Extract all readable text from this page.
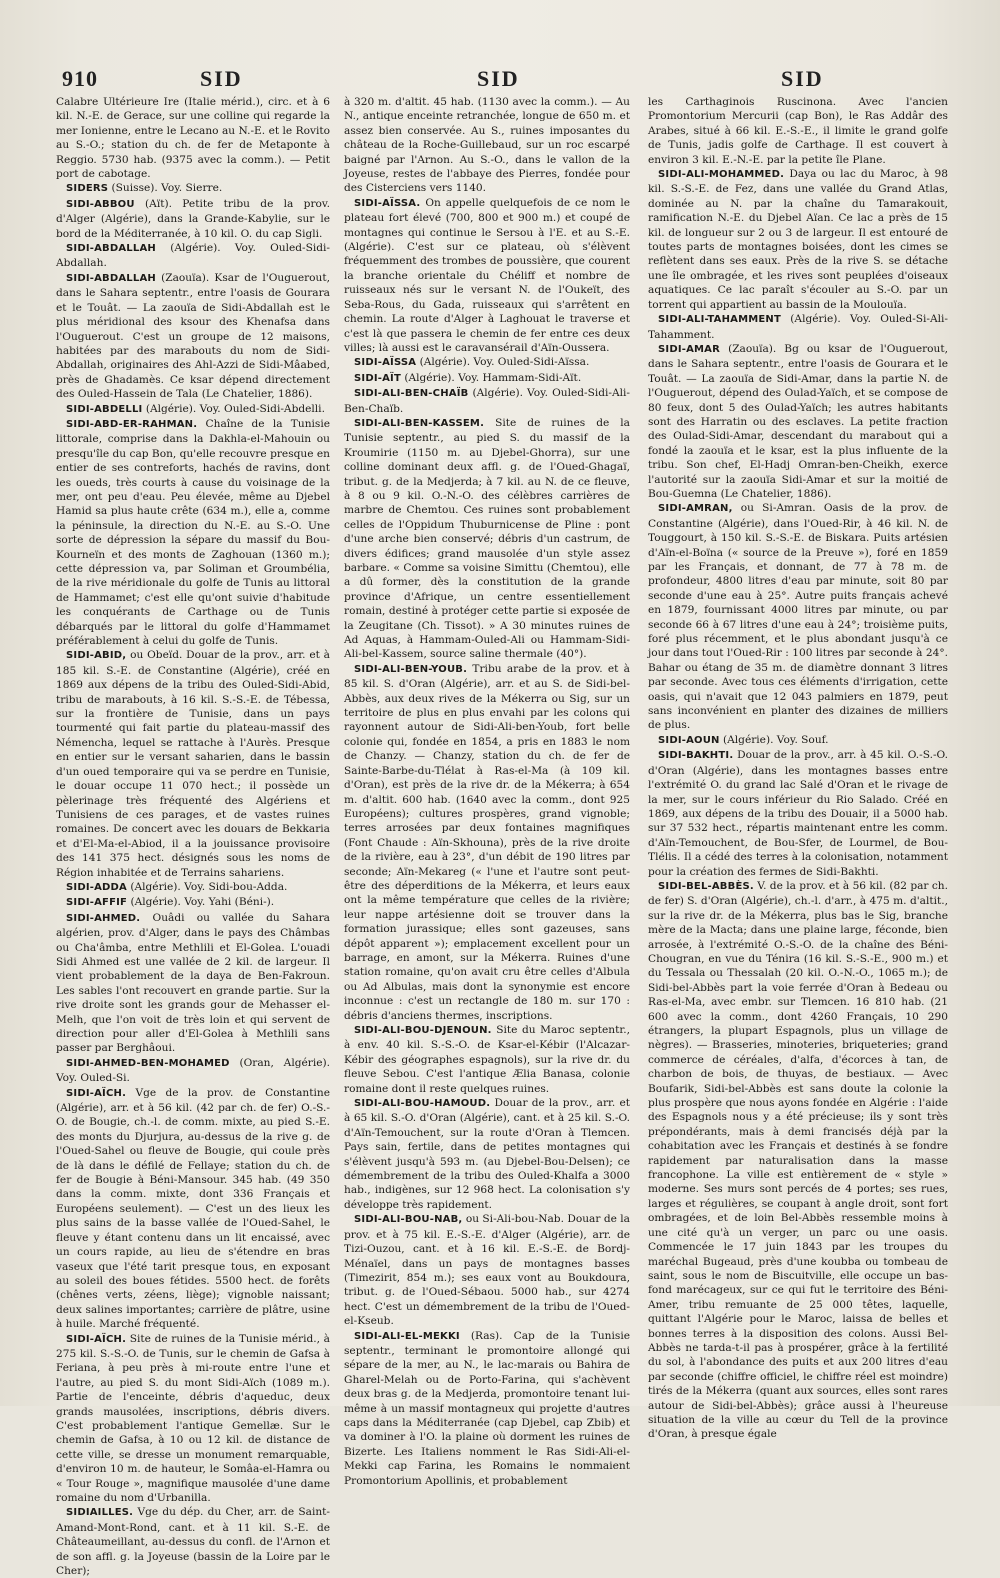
910	SID	SID	SID

Calabre Ultérieure Ire (Italie mérid.), circ. et à 6 kil. N.-E. de Gerace, sur une colline qui regarde la mer Ionienne, entre le Lecano au N.-E. et le Rovito au S.-O.; station du ch. de fer de Metaponte à Reggio. 5730 hab. (9375 avec la comm.). — Petit port de cabotage.

SIDERS (Suisse). Voy. Sierre.

SIDI-ABBOU (Aït). Petite tribu de la prov. d'Alger (Algérie), dans la Grande-Kabylie, sur le bord de la Méditerranée, à 10 kil. O. du cap Sigli.

SIDI-ABDALLAH (Algérie). Voy. Ouled-Sidi-Abdallah.

SIDI-ABDALLAH (Zaouïa). Ksar de l'Ouguerout, dans le Sahara septentr., entre l'oasis de Gourara et le Touât. — La zaouïa de Sidi-Abdallah est le plus méridional des ksour des Khenafsa dans l'Ouguerout. C'est un groupe de 12 maisons, habitées par des marabouts du nom de Sidi-Abdallah, originaires des Ahl-Azzi de Sidi-Mâabed, près de Ghadamès. Ce ksar dépend directement des Ouled-Hassein de Tala (Le Chatelier, 1886).

SIDI-ABDELLI (Algérie). Voy. Ouled-Sidi-Abdelli.

SIDI-ABD-ER-RAHMAN. Chaîne de la Tunisie littorale, comprise dans la Dakhla-el-Mahouin ou presqu'île du cap Bon, qu'elle recouvre presque en entier de ses contreforts, hachés de ravins, dont les oueds, très courts à cause du voisinage de la mer, ont peu d'eau. Peu élevée, même au Djebel Hamid sa plus haute crête (634 m.), elle a, comme la péninsule, la direction du N.-E. au S.-O. Une sorte de dépression la sépare du massif du Bou-Kourneïn et des monts de Zaghouan (1360 m.); cette dépression va, par Soliman et Groumbélia, de la rive méridionale du golfe de Tunis au littoral de Hammamet; c'est elle qu'ont suivie d'habitude les conquérants de Carthage ou de Tunis débarqués par le littoral du golfe d'Hammamet préférablement à celui du golfe de Tunis.

SIDI-ABID, ou Obeïd. Douar de la prov., arr. et à 185 kil. S.-E. de Constantine (Algérie), créé en 1869 aux dépens de la tribu des Ouled-Sidi-Abid, tribu de marabouts, à 16 kil. S.-S.-E. de Tébessa, sur la frontière de Tunisie, dans un pays tourmenté qui fait partie du plateau-massif des Némencha, lequel se rattache à l'Aurès. Presque en entier sur le versant saharien, dans le bassin d'un oued temporaire qui va se perdre en Tunisie, le douar occupe 11 070 hect.; il possède un pèlerinage très fréquenté des Algériens et Tunisiens de ces parages, et de vastes ruines romaines. De concert avec les douars de Bekkaria et d'El-Ma-el-Abiod, il a la jouissance provisoire des 141 375 hect. désignés sous les noms de Région inhabitée et de Terrains sahariens.

SIDI-ADDA (Algérie). Voy. Sidi-bou-Adda.

SIDI-AFFIF (Algérie). Voy. Yahi (Béni-).

SIDI-AHMED. Ouâdi ou vallée du Sahara algérien, prov. d'Alger, dans le pays des Châmbas ou Cha'âmba, entre Methlili et El-Golea. L'ouadi Sidi Ahmed est une vallée de 2 kil. de largeur. Il vient probablement de la daya de Ben-Fakroun. Les sables l'ont recouvert en grande partie. Sur la rive droite sont les grands gour de Mehasser el-Melh, que l'on voit de très loin et qui servent de direction pour aller d'El-Golea à Methlili sans passer par Berghâoui.

SIDI-AHMED-BEN-MOHAMED (Oran, Algérie). Voy. Ouled-Si.

SIDI-AÏCH. Vge de la prov. de Constantine (Algérie), arr. et à 56 kil. (42 par ch. de fer) O.-S.-O. de Bougie, ch.-l. de comm. mixte, au pied S.-E. des monts du Djurjura, au-dessus de la rive g. de l'Oued-Sahel ou fleuve de Bougie, qui coule près de là dans le défilé de Fellaye; station du ch. de fer de Bougie à Béni-Mansour. 345 hab. (49 350 dans la comm. mixte, dont 336 Français et Européens seulement). — C'est un des lieux les plus sains de la basse vallée de l'Oued-Sahel, le fleuve y étant contenu dans un lit encaissé, avec un cours rapide, au lieu de s'étendre en bras vaseux que l'été tarit presque tous, en exposant au soleil des boues fétides. 5500 hect. de forêts (chênes verts, zéens, liège); vignoble naissant; deux salines importantes; carrière de plâtre, usine à huile. Marché fréquenté.

SIDI-AÏCH. Site de ruines de la Tunisie mérid., à 275 kil. S.-S.-O. de Tunis, sur le chemin de Gafsa à Feriana, à peu près à mi-route entre l'une et l'autre, au pied S. du mont Sidi-Aïch (1089 m.). Partie de l'enceinte, débris d'aqueduc, deux grands mausolées, inscriptions, débris divers. C'est probablement l'antique Gemellæ. Sur le chemin de Gafsa, à 10 ou 12 kil. de distance de cette ville, se dresse un monument remarquable, d'environ 10 m. de hauteur, le Somâa-el-Hamra ou « Tour Rouge », magnifique mausolée d'une dame romaine du nom d'Urbanilla.

SIDIAILLES. Vge du dép. du Cher, arr. de Saint-Amand-Mont-Rond, cant. et à 11 kil. S.-E. de Châteaumeillant, au-dessus du confl. de l'Arnon et de son affl. g. la Joyeuse (bassin de la Loire par le Cher);

à 320 m. d'altit. 45 hab. (1130 avec la comm.). — Au N., antique enceinte retranchée, longue de 650 m. et assez bien conservée. Au S., ruines imposantes du château de la Roche-Guillebaud, sur un roc escarpé baigné par l'Arnon. Au S.-O., dans le vallon de la Joyeuse, restes de l'abbaye des Pierres, fondée pour des Cisterciens vers 1140.

SIDI-AÏSSA. On appelle quelquefois de ce nom le plateau fort élevé (700, 800 et 900 m.) et coupé de montagnes qui continue le Sersou à l'E. et au S.-E. (Algérie). C'est sur ce plateau, où s'élèvent fréquemment des trombes de poussière, que courent la branche orientale du Chéliff et nombre de ruisseaux nés sur le versant N. de l'Oukeït, des Seba-Rous, du Gada, ruisseaux qui s'arrêtent en chemin. La route d'Alger à Laghouat le traverse et c'est là que passera le chemin de fer entre ces deux villes; là aussi est le caravansérail d'Aïn-Oussera.

SIDI-AÏSSA (Algérie). Voy. Ouled-Sidi-Aïssa.

SIDI-AÏT (Algérie). Voy. Hammam-Sidi-Aït.

SIDI-ALI-BEN-CHAÏB (Algérie). Voy. Ouled-Sidi-Ali-Ben-Chaïb.

SIDI-ALI-BEN-KASSEM. Site de ruines de la Tunisie septentr., au pied S. du massif de la Kroumirie (1150 m. au Djebel-Ghorra), sur une colline dominant deux affl. g. de l'Oued-Ghagaï, tribut. g. de la Medjerda; à 7 kil. au N. de ce fleuve, à 8 ou 9 kil. O.-N.-O. des célèbres carrières de marbre de Chemtou. Ces ruines sont probablement celles de l'Oppidum Thuburnicense de Pline : pont d'une arche bien conservé; débris d'un castrum, de divers édifices; grand mausolée d'un style assez barbare. « Comme sa voisine Simittu (Chemtou), elle a dû former, dès la constitution de la grande province d'Afrique, un centre essentiellement romain, destiné à protéger cette partie si exposée de la Zeugitane (Ch. Tissot). » A 30 minutes ruines de Ad Aquas, à Hammam-Ouled-Ali ou Hammam-Sidi-Ali-bel-Kassem, source saline thermale (40°).

SIDI-ALI-BEN-YOUB. Tribu arabe de la prov. et à 85 kil. S. d'Oran (Algérie), arr. et au S. de Sidi-bel-Abbès, aux deux rives de la Mékerra ou Sig, sur un territoire de plus en plus envahi par les colons qui rayonnent autour de Sidi-Ali-ben-Youb, fort belle colonie qui, fondée en 1854, a pris en 1883 le nom de Chanzy. — Chanzy, station du ch. de fer de Sainte-Barbe-du-Tlélat à Ras-el-Ma (à 109 kil. d'Oran), est près de la rive dr. de la Mékerra; à 654 m. d'altit. 600 hab. (1640 avec la comm., dont 925 Européens); cultures prospères, grand vignoble; terres arrosées par deux fontaines magnifiques (Font Chaude : Aïn-Skhouna), près de la rive droite de la rivière, eau à 23°, d'un débit de 190 litres par seconde; Aïn-Mekareg (« l'une et l'autre sont peut-être des déperditions de la Mékerra, et leurs eaux ont la même température que celles de la rivière; leur nappe artésienne doit se trouver dans la formation jurassique; elles sont gazeuses, sans dépôt apparent »); emplacement excellent pour un barrage, en amont, sur la Mékerra. Ruines d'une station romaine, qu'on avait cru être celles d'Albula ou Ad Albulas, mais dont la synonymie est encore inconnue : c'est un rectangle de 180 m. sur 170 : débris d'anciens thermes, inscriptions.

SIDI-ALI-BOU-DJENOUN. Site du Maroc septentr., à env. 40 kil. S.-S.-O. de Ksar-el-Kébir (l'Alcazar-Kébir des géographes espagnols), sur la rive dr. du fleuve Sebou. C'est l'antique Ælia Banasa, colonie romaine dont il reste quelques ruines.

SIDI-ALI-BOU-HAMOUD. Douar de la prov., arr. et à 65 kil. S.-O. d'Oran (Algérie), cant. et à 25 kil. S.-O. d'Aïn-Temouchent, sur la route d'Oran à Tlemcen. Pays sain, fertile, dans de petites montagnes qui s'élèvent jusqu'à 593 m. (au Djebel-Bou-Delsen); ce démembrement de la tribu des Ouled-Khalfa a 3000 hab., indigènes, sur 12 968 hect. La colonisation s'y développe très rapidement.

SIDI-ALI-BOU-NAB, ou Si-Ali-bou-Nab. Douar de la prov. et à 75 kil. E.-S.-E. d'Alger (Algérie), arr. de Tizi-Ouzou, cant. et à 16 kil. E.-S.-E. de Bordj-Ménaïel, dans un pays de montagnes basses (Timezirit, 854 m.); ses eaux vont au Boukdoura, tribut. g. de l'Oued-Sébaou. 5000 hab., sur 4274 hect. C'est un démembrement de la tribu de l'Oued-el-Kseub.

SIDI-ALI-EL-MEKKI (Ras). Cap de la Tunisie septentr., terminant le promontoire allongé qui sépare de la mer, au N., le lac-marais ou Bahira de Gharel-Melah ou de Porto-Farina, qui s'achèvent deux bras g. de la Medjerda, promontoire tenant lui-même à un massif montagneux qui projette d'autres caps dans la Méditerranée (cap Djebel, cap Zbib) et va dominer à l'O. la plaine où dorment les ruines de Bizerte. Les Italiens nomment le Ras Sidi-Ali-el-Mekki cap Farina, les Romains le nommaient Promontorium Apollinis, et probablement

les Carthaginois Ruscinona. Avec l'ancien Promontorium Mercurii (cap Bon), le Ras Addâr des Arabes, situé à 66 kil. E.-S.-E., il limite le grand golfe de Tunis, jadis golfe de Carthage. Il est couvert à environ 3 kil. E.-N.-E. par la petite île Plane.

SIDI-ALI-MOHAMMED. Daya ou lac du Maroc, à 98 kil. S.-S.-E. de Fez, dans une vallée du Grand Atlas, dominée au N. par la chaîne du Tamarakouit, ramification N.-E. du Djebel Aïan. Ce lac a près de 15 kil. de longueur sur 2 ou 3 de largeur. Il est entouré de toutes parts de montagnes boisées, dont les cimes se reflètent dans ses eaux. Près de la rive S. se détache une île ombragée, et les rives sont peuplées d'oiseaux aquatiques. Ce lac paraît s'écouler au S.-O. par un torrent qui appartient au bassin de la Moulouïa.

SIDI-ALI-TAHAMMENT (Algérie). Voy. Ouled-Si-Ali-Tahamment.

SIDI-AMAR (Zaouïa). Bg ou ksar de l'Ouguerout, dans le Sahara septentr., entre l'oasis de Gourara et le Touât. — La zaouïa de Sidi-Amar, dans la partie N. de l'Ouguerout, dépend des Oulad-Yaïch, et se compose de 80 feux, dont 5 des Oulad-Yaïch; les autres habitants sont des Harratin ou des esclaves. La petite fraction des Oulad-Sidi-Amar, descendant du marabout qui a fondé la zaouïa et le ksar, est la plus influente de la tribu. Son chef, El-Hadj Omran-ben-Cheikh, exerce l'autorité sur la zaouïa Sidi-Amar et sur la moitié de Bou-Guemna (Le Chatelier, 1886).

SIDI-AMRAN, ou Si-Amran. Oasis de la prov. de Constantine (Algérie), dans l'Oued-Rir, à 46 kil. N. de Touggourt, à 150 kil. S.-S.-E. de Biskara. Puits artésien d'Aïn-el-Boïna (« source de la Preuve »), foré en 1859 par les Français, et donnant, de 77 à 78 m. de profondeur, 4800 litres d'eau par minute, soit 80 par seconde d'une eau à 25°. Autre puits français achevé en 1879, fournissant 4000 litres par minute, ou par seconde 66 à 67 litres d'une eau à 24°; troisième puits, foré plus récemment, et le plus abondant jusqu'à ce jour dans tout l'Oued-Rir : 100 litres par seconde à 24°. Bahar ou étang de 35 m. de diamètre donnant 3 litres par seconde. Avec tous ces éléments d'irrigation, cette oasis, qui n'avait que 12 043 palmiers en 1879, peut sans inconvénient en planter des dizaines de milliers de plus.

SIDI-AOUN (Algérie). Voy. Souf.

SIDI-BAKHTI. Douar de la prov., arr. à 45 kil. O.-S.-O. d'Oran (Algérie), dans les montagnes basses entre l'extrémité O. du grand lac Salé d'Oran et le rivage de la mer, sur le cours inférieur du Rio Salado. Créé en 1869, aux dépens de la tribu des Douair, il a 5000 hab. sur 37 532 hect., répartis maintenant entre les comm. d'Aïn-Temouchent, de Bou-Sfer, de Lourmel, de Bou-Tlélis. Il a cédé des terres à la colonisation, notamment pour la création des fermes de Sidi-Bakhti.

SIDI-BEL-ABBÈS. V. de la prov. et à 56 kil. (82 par ch. de fer) S. d'Oran (Algérie), ch.-l. d'arr., à 475 m. d'altit., sur la rive dr. de la Mékerra, plus bas le Sig, branche mère de la Macta; dans une plaine large, féconde, bien arrosée, à l'extrémité O.-S.-O. de la chaîne des Béni-Chougran, en vue du Ténira (16 kil. S.-S.-E., 900 m.) et du Tessala ou Thessalah (20 kil. O.-N.-O., 1065 m.); de Sidi-bel-Abbès part la voie ferrée d'Oran à Bedeau ou Ras-el-Ma, avec embr. sur Tlemcen. 16 810 hab. (21 600 avec la comm., dont 4260 Français, 10 290 étrangers, la plupart Espagnols, plus un village de nègres). — Brasseries, minoteries, briqueteries; grand commerce de céréales, d'alfa, d'écorces à tan, de charbon de bois, de thuyas, de bestiaux. — Avec Boufarik, Sidi-bel-Abbès est sans doute la colonie la plus prospère que nous ayons fondée en Algérie : l'aide des Espagnols nous y a été précieuse; ils y sont très prépondérants, mais à demi francisés déjà par la cohabitation avec les Français et destinés à se fondre rapidement par naturalisation dans la masse francophone. La ville est entièrement de « style » moderne. Ses murs sont percés de 4 portes; ses rues, larges et régulières, se coupant à angle droit, sont fort ombragées, et de loin Bel-Abbès ressemble moins à une cité qu'à un verger, un parc ou une oasis. Commencée le 17 juin 1843 par les troupes du maréchal Bugeaud, près d'une koubba ou tombeau de saint, sous le nom de Biscuitville, elle occupe un bas-fond marécageux, sur ce qui fut le territoire des Béni-Amer, tribu remuante de 25 000 têtes, laquelle, quittant l'Algérie pour le Maroc, laissa de belles et bonnes terres à la disposition des colons. Aussi Bel-Abbès ne tarda-t-il pas à prospérer, grâce à la fertilité du sol, à l'abondance des puits et aux 200 litres d'eau par seconde (chiffre officiel, le chiffre réel est moindre) tirés de la Mékerra (quant aux sources, elles sont rares autour de Sidi-bel-Abbès); grâce aussi à l'heureuse situation de la ville au cœur du Tell de la province d'Oran, à presque égale
